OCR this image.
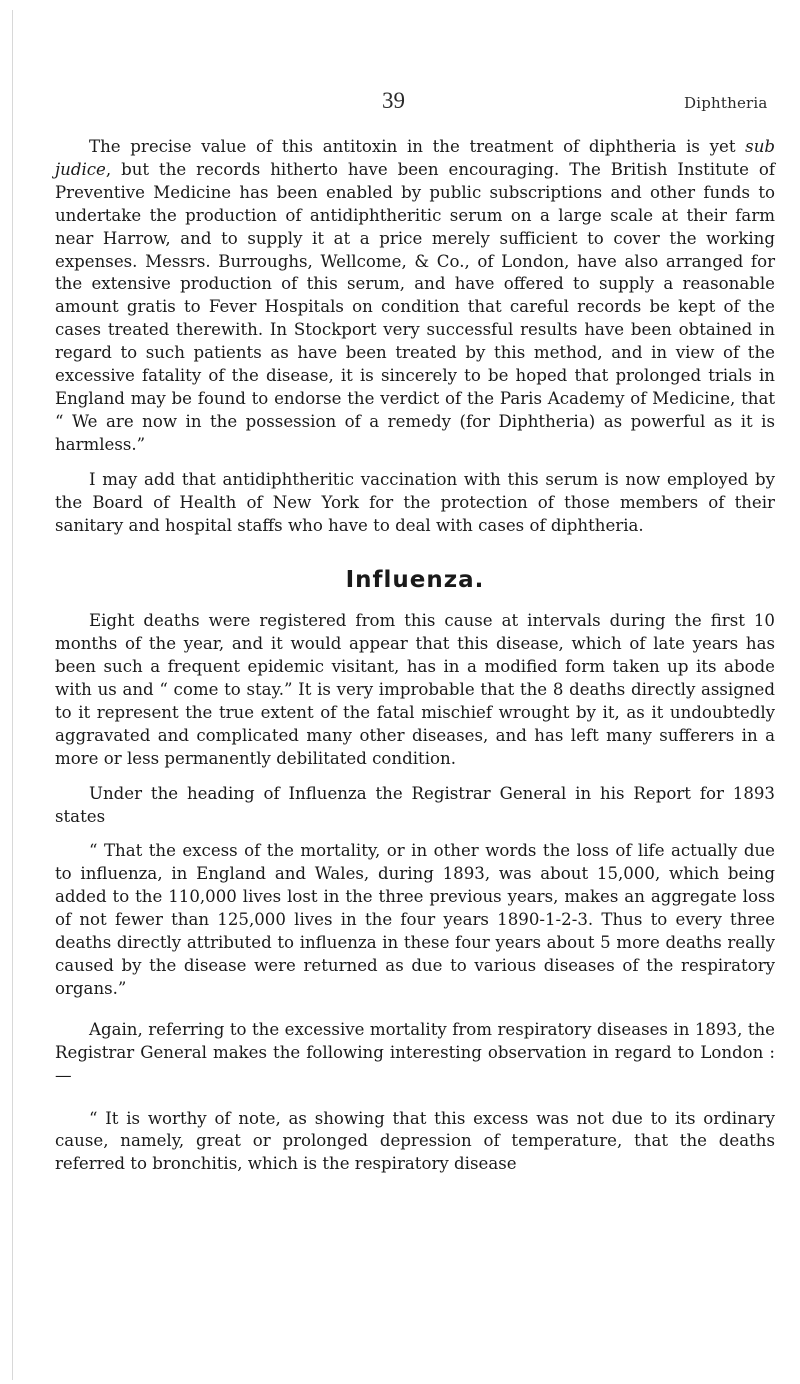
39	Diphtheria

The precise value of this antitoxin in the treatment of diphtheria is yet sub judice, but the records hitherto have been encouraging. The British Institute of Preventive Medicine has been enabled by public subscriptions and other funds to undertake the production of antidiphtheritic serum on a large scale at their farm near Harrow, and to supply it at a price merely sufficient to cover the working expenses. Messrs. Burroughs, Wellcome, & Co., of London, have also arranged for the extensive production of this serum, and have offered to supply a reasonable amount gratis to Fever Hospitals on condition that careful records be kept of the cases treated therewith. In Stockport very successful results have been obtained in regard to such patients as have been treated by this method, and in view of the excessive fatality of the disease, it is sincerely to be hoped that prolonged trials in England may be found to endorse the verdict of the Paris Academy of Medicine, that “ We are now in the possession of a remedy (for Diphtheria) as powerful as it is harmless.”

I may add that antidiphtheritic vaccination with this serum is now employed by the Board of Health of New York for the protection of those members of their sanitary and hospital staffs who have to deal with cases of diphtheria.

Influenza.

Eight deaths were registered from this cause at intervals during the first 10 months of the year, and it would appear that this disease, which of late years has been such a frequent epidemic visitant, has in a modified form taken up its abode with us and “ come to stay.” It is very improbable that the 8 deaths directly assigned to it represent the true extent of the fatal mischief wrought by it, as it undoubtedly aggravated and complicated many other diseases, and has left many sufferers in a more or less permanently debilitated condition.

Under the heading of Influenza the Registrar General in his Report for 1893 states

“ That the excess of the mortality, or in other words the loss of life actually due to influenza, in England and Wales, during 1893, was about 15,000, which being added to the 110,000 lives lost in the three previous years, makes an aggregate loss of not fewer than 125,000 lives in the four years 1890-1-2-3. Thus to every three deaths directly attributed to influenza in these four years about 5 more deaths really caused by the disease were returned as due to various diseases of the respiratory organs.”

Again, referring to the excessive mortality from respiratory diseases in 1893, the Registrar General makes the following interesting observation in regard to London :—

“ It is worthy of note, as showing that this excess was not due to its ordinary cause, namely, great or prolonged depression of temperature, that the deaths referred to bronchitis, which is the respiratory disease
